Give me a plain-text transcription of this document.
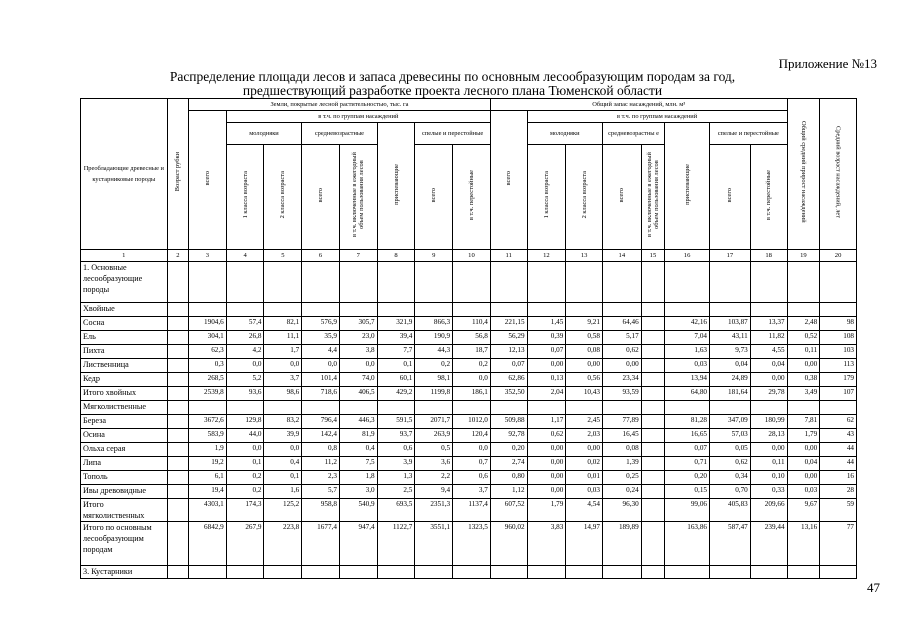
Приложение №13
Распределение площади лесов и запаса древесины по основным лесообразующим породам за год,
предшествующий разработке проекта лесного плана Тюменской области
Преобладающие древесные и кустарниковые породы	Возраст рубки	Земли, покрытые лесной растительностью, тыс. га								Общий запас насаждений, млн. м³								Общий средний прирост насаждений	Средний возраст насаждений, лет
		всего	в т.ч. по группам насаждений							всего	в т.ч. по группам насаждений								
			молодняки		средневозрастные		приспевающие	спелые и перестойные			молодняки		средневозрастны е		приспевающие	спелые и перестойные			
			1 класса возраста	2 класса возраста	всего	в т.ч. включенные в ежегодный объем пользования лесов		всего	в т.ч. перестойные		1 класса возраста	2 класса возраста	всего	в т.ч. включенные в ежегодный объем пользования лесов		всего	в т.ч. перестойные		
1	2	3	4	5	6	7	8	9	10	11	12	13	14	15	16	17	18	19	20
1. Основные лесообразующие породы																			
Хвойные																			
Сосна		1904,6	57,4	82,1	576,9	305,7	321,9	866,3	110,4	221,15	1,45	9,21	64,46		42,16	103,87	13,37	2,48	98
Ель		304,1	26,8	11,1	35,9	23,0	39,4	190,9	56,8	56,29	0,39	0,58	5,17		7,04	43,11	11,82	0,52	108
Пихта		62,3	4,2	1,7	4,4	3,8	7,7	44,3	18,7	12,13	0,07	0,08	0,62		1,63	9,73	4,55	0,11	103
Лиственница		0,3	0,0	0,0	0,0	0,0	0,1	0,2	0,2	0,07	0,00	0,00	0,00		0,03	0,04	0,04	0,00	113
Кедр		268,5	5,2	3,7	101,4	74,0	60,1	98,1	0,0	62,86	0,13	0,56	23,34		13,94	24,89	0,00	0,38	179
Итого хвойных		2539,8	93,6	98,6	718,6	406,5	429,2	1199,8	186,1	352,50	2,04	10,43	93,59		64,80	181,64	29,78	3,49	107
Мягколиственные																			
Береза		3672,6	129,8	83,2	796,4	446,3	591,5	2071,7	1012,0	509,88	1,17	2,45	77,89		81,28	347,09	180,99	7,81	62
Осина		583,9	44,0	39,9	142,4	81,9	93,7	263,9	120,4	92,78	0,62	2,03	16,45		16,65	57,03	28,13	1,79	43
Ольха серая		1,9	0,0	0,0	0,8	0,4	0,6	0,5	0,0	0,20	0,00	0,00	0,08		0,07	0,05	0,00	0,00	44
Липа		19,2	0,1	0,4	11,2	7,5	3,9	3,6	0,7	2,74	0,00	0,02	1,39		0,71	0,62	0,11	0,04	44
Тополь		6,1	0,2	0,1	2,3	1,8	1,3	2,2	0,6	0,80	0,00	0,01	0,25		0,20	0,34	0,10	0,00	16
Ивы древовидные		19,4	0,2	1,6	5,7	3,0	2,5	9,4	3,7	1,12	0,00	0,03	0,24		0,15	0,70	0,33	0,03	28
Итого мягколиственных		4303,1	174,3	125,2	958,8	540,9	693,5	2351,3	1137,4	607,52	1,79	4,54	96,30		99,06	405,83	209,66	9,67	59
Итого по основным лесообразующим породам		6842,9	267,9	223,8	1677,4	947,4	1122,7	3551,1	1323,5	960,02	3,83	14,97	189,89		163,86	587,47	239,44	13,16	77
3. Кустарники																			
47
